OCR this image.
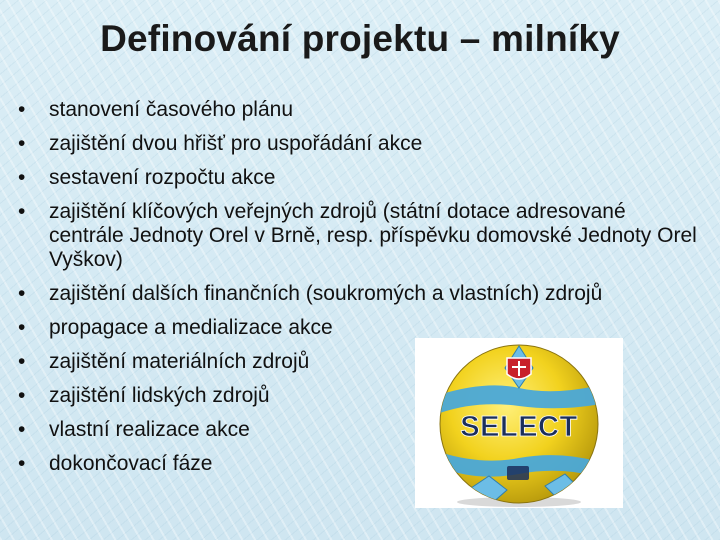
Definování projektu – milníky
• stanovení časového plánu
• zajištění dvou hřišť pro uspořádání akce
• sestavení rozpočtu akce
• zajištění klíčových veřejných zdrojů (státní dotace adresované centrále Jednoty Orel v Brně, resp. příspěvku domovské Jednoty Orel Vyškov)
• zajištění dalších finančních (soukromých a vlastních) zdrojů
• propagace a medializace akce
• zajištění materiálních zdrojů
• zajištění lidských zdrojů
• vlastní realizace akce
• dokončovací fáze
SELECT
